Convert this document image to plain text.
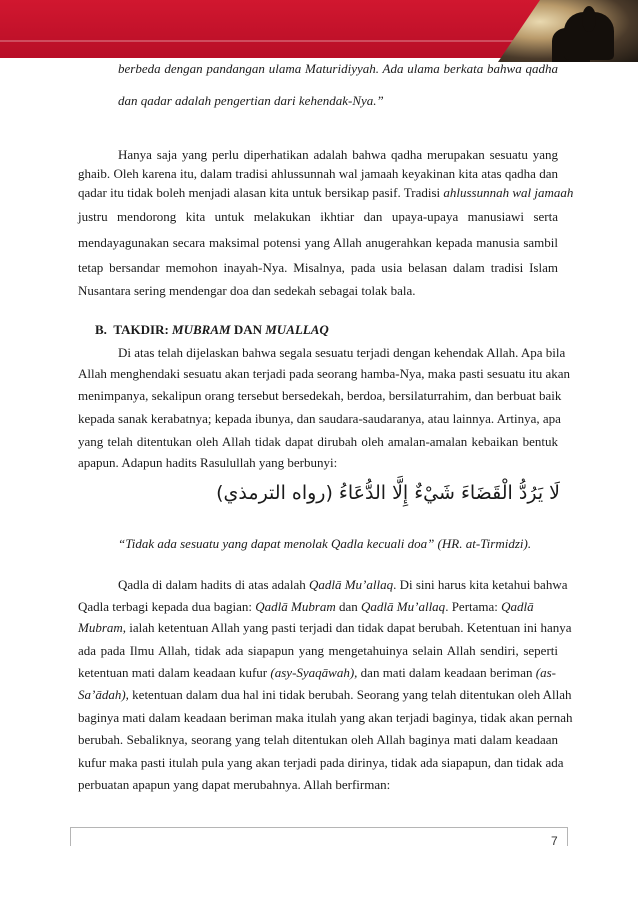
berbeda dengan pandangan ulama Maturidiyyah. Ada ulama berkata bahwa qadha
dan qadar adalah pengertian dari kehendak-Nya.”
Hanya saja yang perlu diperhatikan adalah bahwa qadha merupakan sesuatu yang
ghaib. Oleh karena itu, dalam tradisi ahlussunnah wal jamaah keyakinan kita atas qadha dan
qadar itu tidak boleh menjadi alasan kita untuk bersikap pasif. Tradisi ahlussunnah wal jamaah
justru mendorong kita untuk melakukan ikhtiar dan upaya-upaya manusiawi serta
mendayagunakan secara maksimal potensi yang Allah anugerahkan kepada manusia sambil
tetap bersandar memohon inayah-Nya. Misalnya, pada usia belasan dalam tradisi Islam
Nusantara sering mendengar doa dan sedekah sebagai tolak bala.
B. TAKDIR: MUBRAM DAN MUALLAQ
Di atas telah dijelaskan bahwa segala sesuatu terjadi dengan kehendak Allah. Apa bila
Allah menghendaki sesuatu akan terjadi pada seorang hamba-Nya, maka pasti sesuatu itu akan
menimpanya, sekalipun orang tersebut bersedekah, berdoa, bersilaturrahim, dan berbuat baik
kepada sanak kerabatnya; kepada ibunya, dan saudara-saudaranya, atau lainnya. Artinya, apa
yang telah ditentukan oleh Allah tidak dapat dirubah oleh amalan-amalan kebaikan bentuk
apapun. Adapun hadits Rasulullah yang berbunyi:
لَا يَرُدُّ الْقَضَاءَ شَيْءٌ إِلَّا الدُّعَاءُ (رواه الترمذي)
“Tidak ada sesuatu yang dapat menolak Qadla kecuali doa” (HR. at-Tirmidzi).
Qadla di dalam hadits di atas adalah Qadlā Mu’allaq. Di sini harus kita ketahui bahwa
Qadla terbagi kepada dua bagian: Qadlā Mubram dan Qadlā Mu’allaq. Pertama: Qadlā
Mubram, ialah ketentuan Allah yang pasti terjadi dan tidak dapat berubah. Ketentuan ini hanya
ada pada Ilmu Allah, tidak ada siapapun yang mengetahuinya selain Allah sendiri, seperti
ketentuan mati dalam keadaan kufur (asy-Syaqāwah), dan mati dalam keadaan beriman (as-
Sa’ādah), ketentuan dalam dua hal ini tidak berubah. Seorang yang telah ditentukan oleh Allah
baginya mati dalam keadaan beriman maka itulah yang akan terjadi baginya, tidak akan pernah
berubah. Sebaliknya, seorang yang telah ditentukan oleh Allah baginya mati dalam keadaan
kufur maka pasti itulah pula yang akan terjadi pada dirinya, tidak ada siapapun, dan tidak ada
perbuatan apapun yang dapat merubahnya. Allah berfirman:
7
